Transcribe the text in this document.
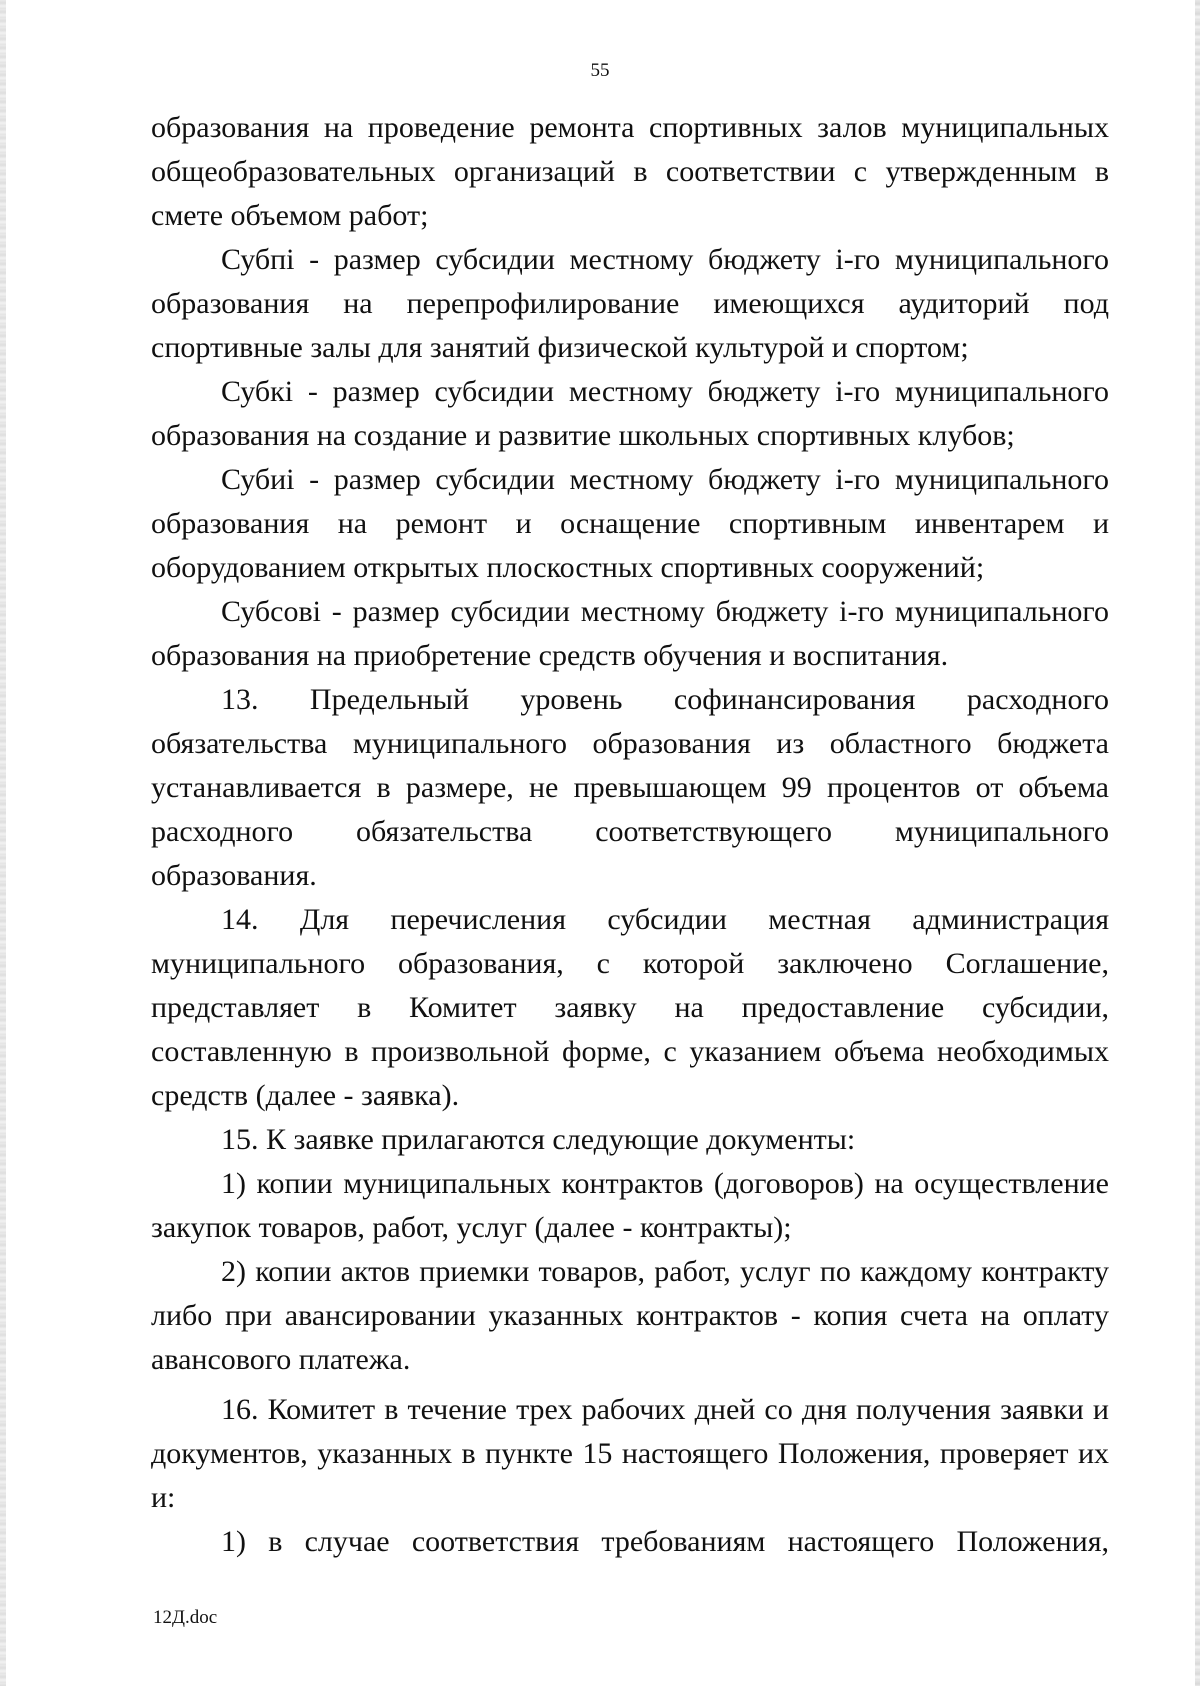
55

образования на проведение ремонта спортивных залов муниципальных общеобразовательных организаций в соответствии с утвержденным в смете объемом работ;

Субпі - размер субсидии местному бюджету і-го муниципального образования на перепрофилирование имеющихся аудиторий под спортивные залы для занятий физической культурой и спортом;

Субкі - размер субсидии местному бюджету і-го муниципального образования на создание и развитие школьных спортивных клубов;

Субиі - размер субсидии местному бюджету і-го муниципального образования на ремонт и оснащение спортивным инвентарем и оборудованием открытых плоскостных спортивных сооружений;

Субсові - размер субсидии местному бюджету і-го муниципального образования на приобретение средств обучения и воспитания.

13. Предельный уровень софинансирования расходного обязательства муниципального образования из областного бюджета устанавливается в размере, не превышающем 99 процентов от объема расходного обязательства соответствующего муниципального образования.

14. Для перечисления субсидии местная администрация муниципального образования, с которой заключено Соглашение, представляет в Комитет заявку на предоставление субсидии, составленную в произвольной форме, с указанием объема необходимых средств (далее - заявка).

15. К заявке прилагаются следующие документы:

1) копии муниципальных контрактов (договоров) на осуществление закупок товаров, работ, услуг (далее - контракты);

2) копии актов приемки товаров, работ, услуг по каждому контракту либо при авансировании указанных контрактов - копия счета на оплату авансового платежа.

16. Комитет в течение трех рабочих дней со дня получения заявки и документов, указанных в пункте 15 настоящего Положения, проверяет их и:

1) в случае соответствия требованиям настоящего Положения,

12Д.doc
